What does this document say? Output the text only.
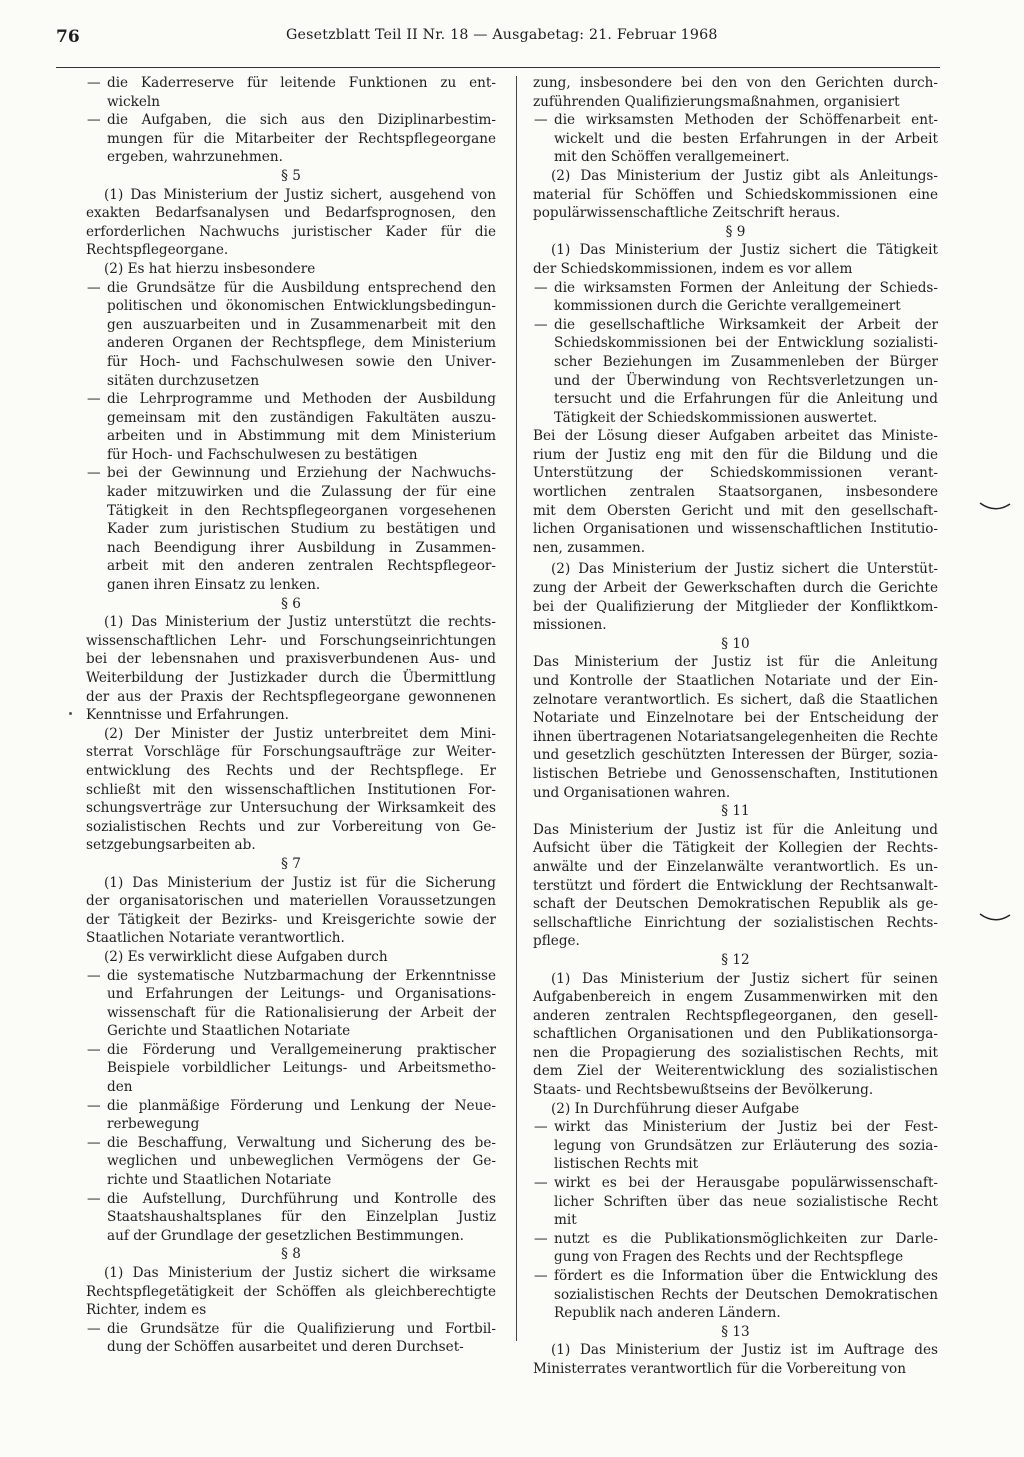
76	Gesetzblatt Teil II Nr. 18 — Ausgabetag: 21. Februar 1968
— die Kaderreserve für leitende Funktionen zu ent-
wickeln
— die Aufgaben, die sich aus den Diziplinarbestim-
mungen für die Mitarbeiter der Rechtspflegeorgane
ergeben, wahrzunehmen.
§ 5
(1) Das Ministerium der Justiz sichert, ausgehend von
exakten Bedarfsanalysen und Bedarfsprognosen, den
erforderlichen Nachwuchs juristischer Kader für die
Rechtspflegeorgane.
(2) Es hat hierzu insbesondere
— die Grundsätze für die Ausbildung entsprechend den
politischen und ökonomischen Entwicklungsbedingun-
gen auszuarbeiten und in Zusammenarbeit mit den
anderen Organen der Rechtspflege, dem Ministerium
für Hoch- und Fachschulwesen sowie den Univer-
sitäten durchzusetzen
— die Lehrprogramme und Methoden der Ausbildung
gemeinsam mit den zuständigen Fakultäten auszu-
arbeiten und in Abstimmung mit dem Ministerium
für Hoch- und Fachschulwesen zu bestätigen
— bei der Gewinnung und Erziehung der Nachwuchs-
kader mitzuwirken und die Zulassung der für eine
Tätigkeit in den Rechtspflegeorganen vorgesehenen
Kader zum juristischen Studium zu bestätigen und
nach Beendigung ihrer Ausbildung in Zusammen-
arbeit mit den anderen zentralen Rechtspflegeor-
ganen ihren Einsatz zu lenken.
§ 6
(1) Das Ministerium der Justiz unterstützt die rechts-
wissenschaftlichen Lehr- und Forschungseinrichtungen
bei der lebensnahen und praxisverbundenen Aus- und
Weiterbildung der Justizkader durch die Übermittlung
der aus der Praxis der Rechtspflegeorgane gewonnenen
Kenntnisse und Erfahrungen.
(2) Der Minister der Justiz unterbreitet dem Mini-
sterrat Vorschläge für Forschungsaufträge zur Weiter-
entwicklung des Rechts und der Rechtspflege. Er
schließt mit den wissenschaftlichen Institutionen For-
schungsverträge zur Untersuchung der Wirksamkeit des
sozialistischen Rechts und zur Vorbereitung von Ge-
setzgebungsarbeiten ab.
§ 7
(1) Das Ministerium der Justiz ist für die Sicherung
der organisatorischen und materiellen Voraussetzungen
der Tätigkeit der Bezirks- und Kreisgerichte sowie der
Staatlichen Notariate verantwortlich.
(2) Es verwirklicht diese Aufgaben durch
— die systematische Nutzbarmachung der Erkenntnisse
und Erfahrungen der Leitungs- und Organisations-
wissenschaft für die Rationalisierung der Arbeit der
Gerichte und Staatlichen Notariate
— die Förderung und Verallgemeinerung praktischer
Beispiele vorbildlicher Leitungs- und Arbeitsmetho-
den
— die planmäßige Förderung und Lenkung der Neue-
rerbewegung
— die Beschaffung, Verwaltung und Sicherung des be-
weglichen und unbeweglichen Vermögens der Ge-
richte und Staatlichen Notariate
— die Aufstellung, Durchführung und Kontrolle des
Staatshaushaltsplanes für den Einzelplan Justiz
auf der Grundlage der gesetzlichen Bestimmungen.
§ 8
(1) Das Ministerium der Justiz sichert die wirksame
Rechtspflegetätigkeit der Schöffen als gleichberechtigte
Richter, indem es
— die Grundsätze für die Qualifizierung und Fortbil-
dung der Schöffen ausarbeitet und deren Durchset-
zung, insbesondere bei den von den Gerichten durch-
zuführenden Qualifizierungsmaßnahmen, organisiert
— die wirksamsten Methoden der Schöffenarbeit ent-
wickelt und die besten Erfahrungen in der Arbeit
mit den Schöffen verallgemeinert.
(2) Das Ministerium der Justiz gibt als Anleitungs-
material für Schöffen und Schiedskommissionen eine
populärwissenschaftliche Zeitschrift heraus.
§ 9
(1) Das Ministerium der Justiz sichert die Tätigkeit
der Schiedskommissionen, indem es vor allem
— die wirksamsten Formen der Anleitung der Schieds-
kommissionen durch die Gerichte verallgemeinert
— die gesellschaftliche Wirksamkeit der Arbeit der
Schiedskommissionen bei der Entwicklung sozialisti-
scher Beziehungen im Zusammenleben der Bürger
und der Überwindung von Rechtsverletzungen un-
tersucht und die Erfahrungen für die Anleitung und
Tätigkeit der Schiedskommissionen auswertet.
Bei der Lösung dieser Aufgaben arbeitet das Ministe-
rium der Justiz eng mit den für die Bildung und die
Unterstützung der Schiedskommissionen verant-
wortlichen zentralen Staatsorganen, insbesondere
mit dem Obersten Gericht und mit den gesellschaft-
lichen Organisationen und wissenschaftlichen Institutio-
nen, zusammen.
(2) Das Ministerium der Justiz sichert die Unterstüt-
zung der Arbeit der Gewerkschaften durch die Gerichte
bei der Qualifizierung der Mitglieder der Konfliktkom-
missionen.
§ 10
Das Ministerium der Justiz ist für die Anleitung
und Kontrolle der Staatlichen Notariate und der Ein-
zelnotare verantwortlich. Es sichert, daß die Staatlichen
Notariate und Einzelnotare bei der Entscheidung der
ihnen übertragenen Notariatsangelegenheiten die Rechte
und gesetzlich geschützten Interessen der Bürger, sozia-
listischen Betriebe und Genossenschaften, Institutionen
und Organisationen wahren.
§ 11
Das Ministerium der Justiz ist für die Anleitung und
Aufsicht über die Tätigkeit der Kollegien der Rechts-
anwälte und der Einzelanwälte verantwortlich. Es un-
terstützt und fördert die Entwicklung der Rechtsanwalt-
schaft der Deutschen Demokratischen Republik als ge-
sellschaftliche Einrichtung der sozialistischen Rechts-
pflege.
§ 12
(1) Das Ministerium der Justiz sichert für seinen
Aufgabenbereich in engem Zusammenwirken mit den
anderen zentralen Rechtspflegeorganen, den gesell-
schaftlichen Organisationen und den Publikationsorga-
nen die Propagierung des sozialistischen Rechts, mit
dem Ziel der Weiterentwicklung des sozialistischen
Staats- und Rechtsbewußtseins der Bevölkerung.
(2) In Durchführung dieser Aufgabe
— wirkt das Ministerium der Justiz bei der Fest-
legung von Grundsätzen zur Erläuterung des sozia-
listischen Rechts mit
— wirkt es bei der Herausgabe populärwissenschaft-
licher Schriften über das neue sozialistische Recht
mit
— nutzt es die Publikationsmöglichkeiten zur Darle-
gung von Fragen des Rechts und der Rechtspflege
— fördert es die Information über die Entwicklung des
sozialistischen Rechts der Deutschen Demokratischen
Republik nach anderen Ländern.
§ 13
(1) Das Ministerium der Justiz ist im Auftrage des
Ministerrates verantwortlich für die Vorbereitung von
